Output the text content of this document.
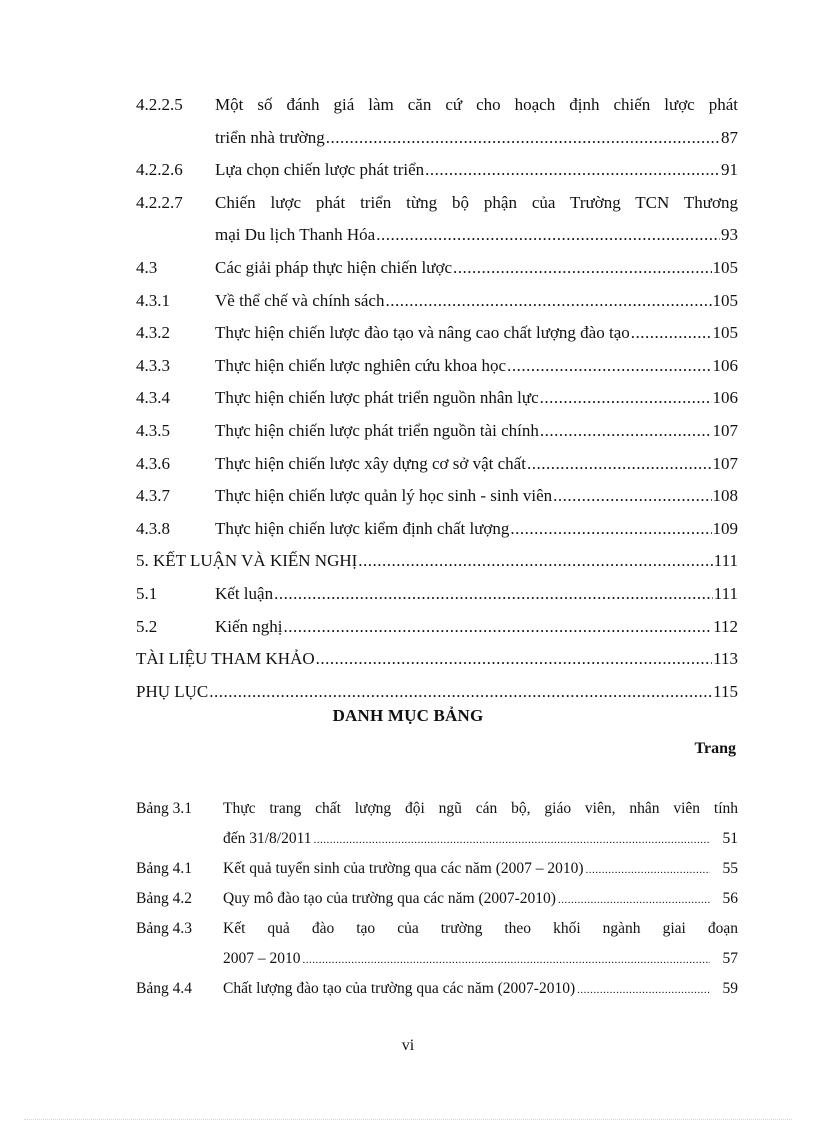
4.2.2.5 Một số đánh giá làm căn cứ cho hoạch định chiến lược phát
triển nhà trường .....	87
4.2.2.6 Lựa chọn chiến lược phát triển .....	91
4.2.2.7 Chiến lược phát triển từng bộ phận của Trường TCN Thương
mại Du lịch Thanh Hóa .....	93
4.3	Các giải pháp thực hiện chiến lược .....	105
4.3.1	Về thể chế và chính sách .....	105
4.3.2	Thực hiện chiến lược đào tạo và nâng cao chất lượng đào tạo .....	105
4.3.3	Thực hiện chiến lược nghiên cứu khoa học .....	106
4.3.4	Thực hiện chiến lược phát triển nguồn nhân lực .....	106
4.3.5	Thực hiện chiến lược phát triển nguồn tài chính .....	107
4.3.6	Thực hiện chiến lược xây dựng cơ sở vật chất .....	107
4.3.7	Thực hiện chiến lược quản lý học sinh - sinh viên .....	108
4.3.8	Thực hiện chiến lược kiểm định chất lượng .....	109
5. KẾT LUẬN VÀ KIẾN NGHỊ .....	111
5.1	Kết luận .....	111
5.2	Kiến nghị .....	112
TÀI LIỆU THAM KHẢO .....	113
PHỤ LỤC .....	115
DANH MỤC BẢNG
Trang
Bảng 3.1 Thực trang chất lượng đội ngũ cán bộ, giáo viên, nhân viên tính
đến 31/8/2011 .....	51
Bảng 4.1 Kết quả tuyển sinh của trường qua các năm (2007 – 2010) .....	55
Bảng 4.2 Quy mô đào tạo của trường qua các năm (2007-2010) .....	56
Bảng 4.3 Kết quả đào tạo của trường theo khối ngành giai đoạn
2007 – 2010 .....	57
Bảng 4.4 Chất lượng đào tạo của trường qua các năm (2007-2010) .....	59
vi
